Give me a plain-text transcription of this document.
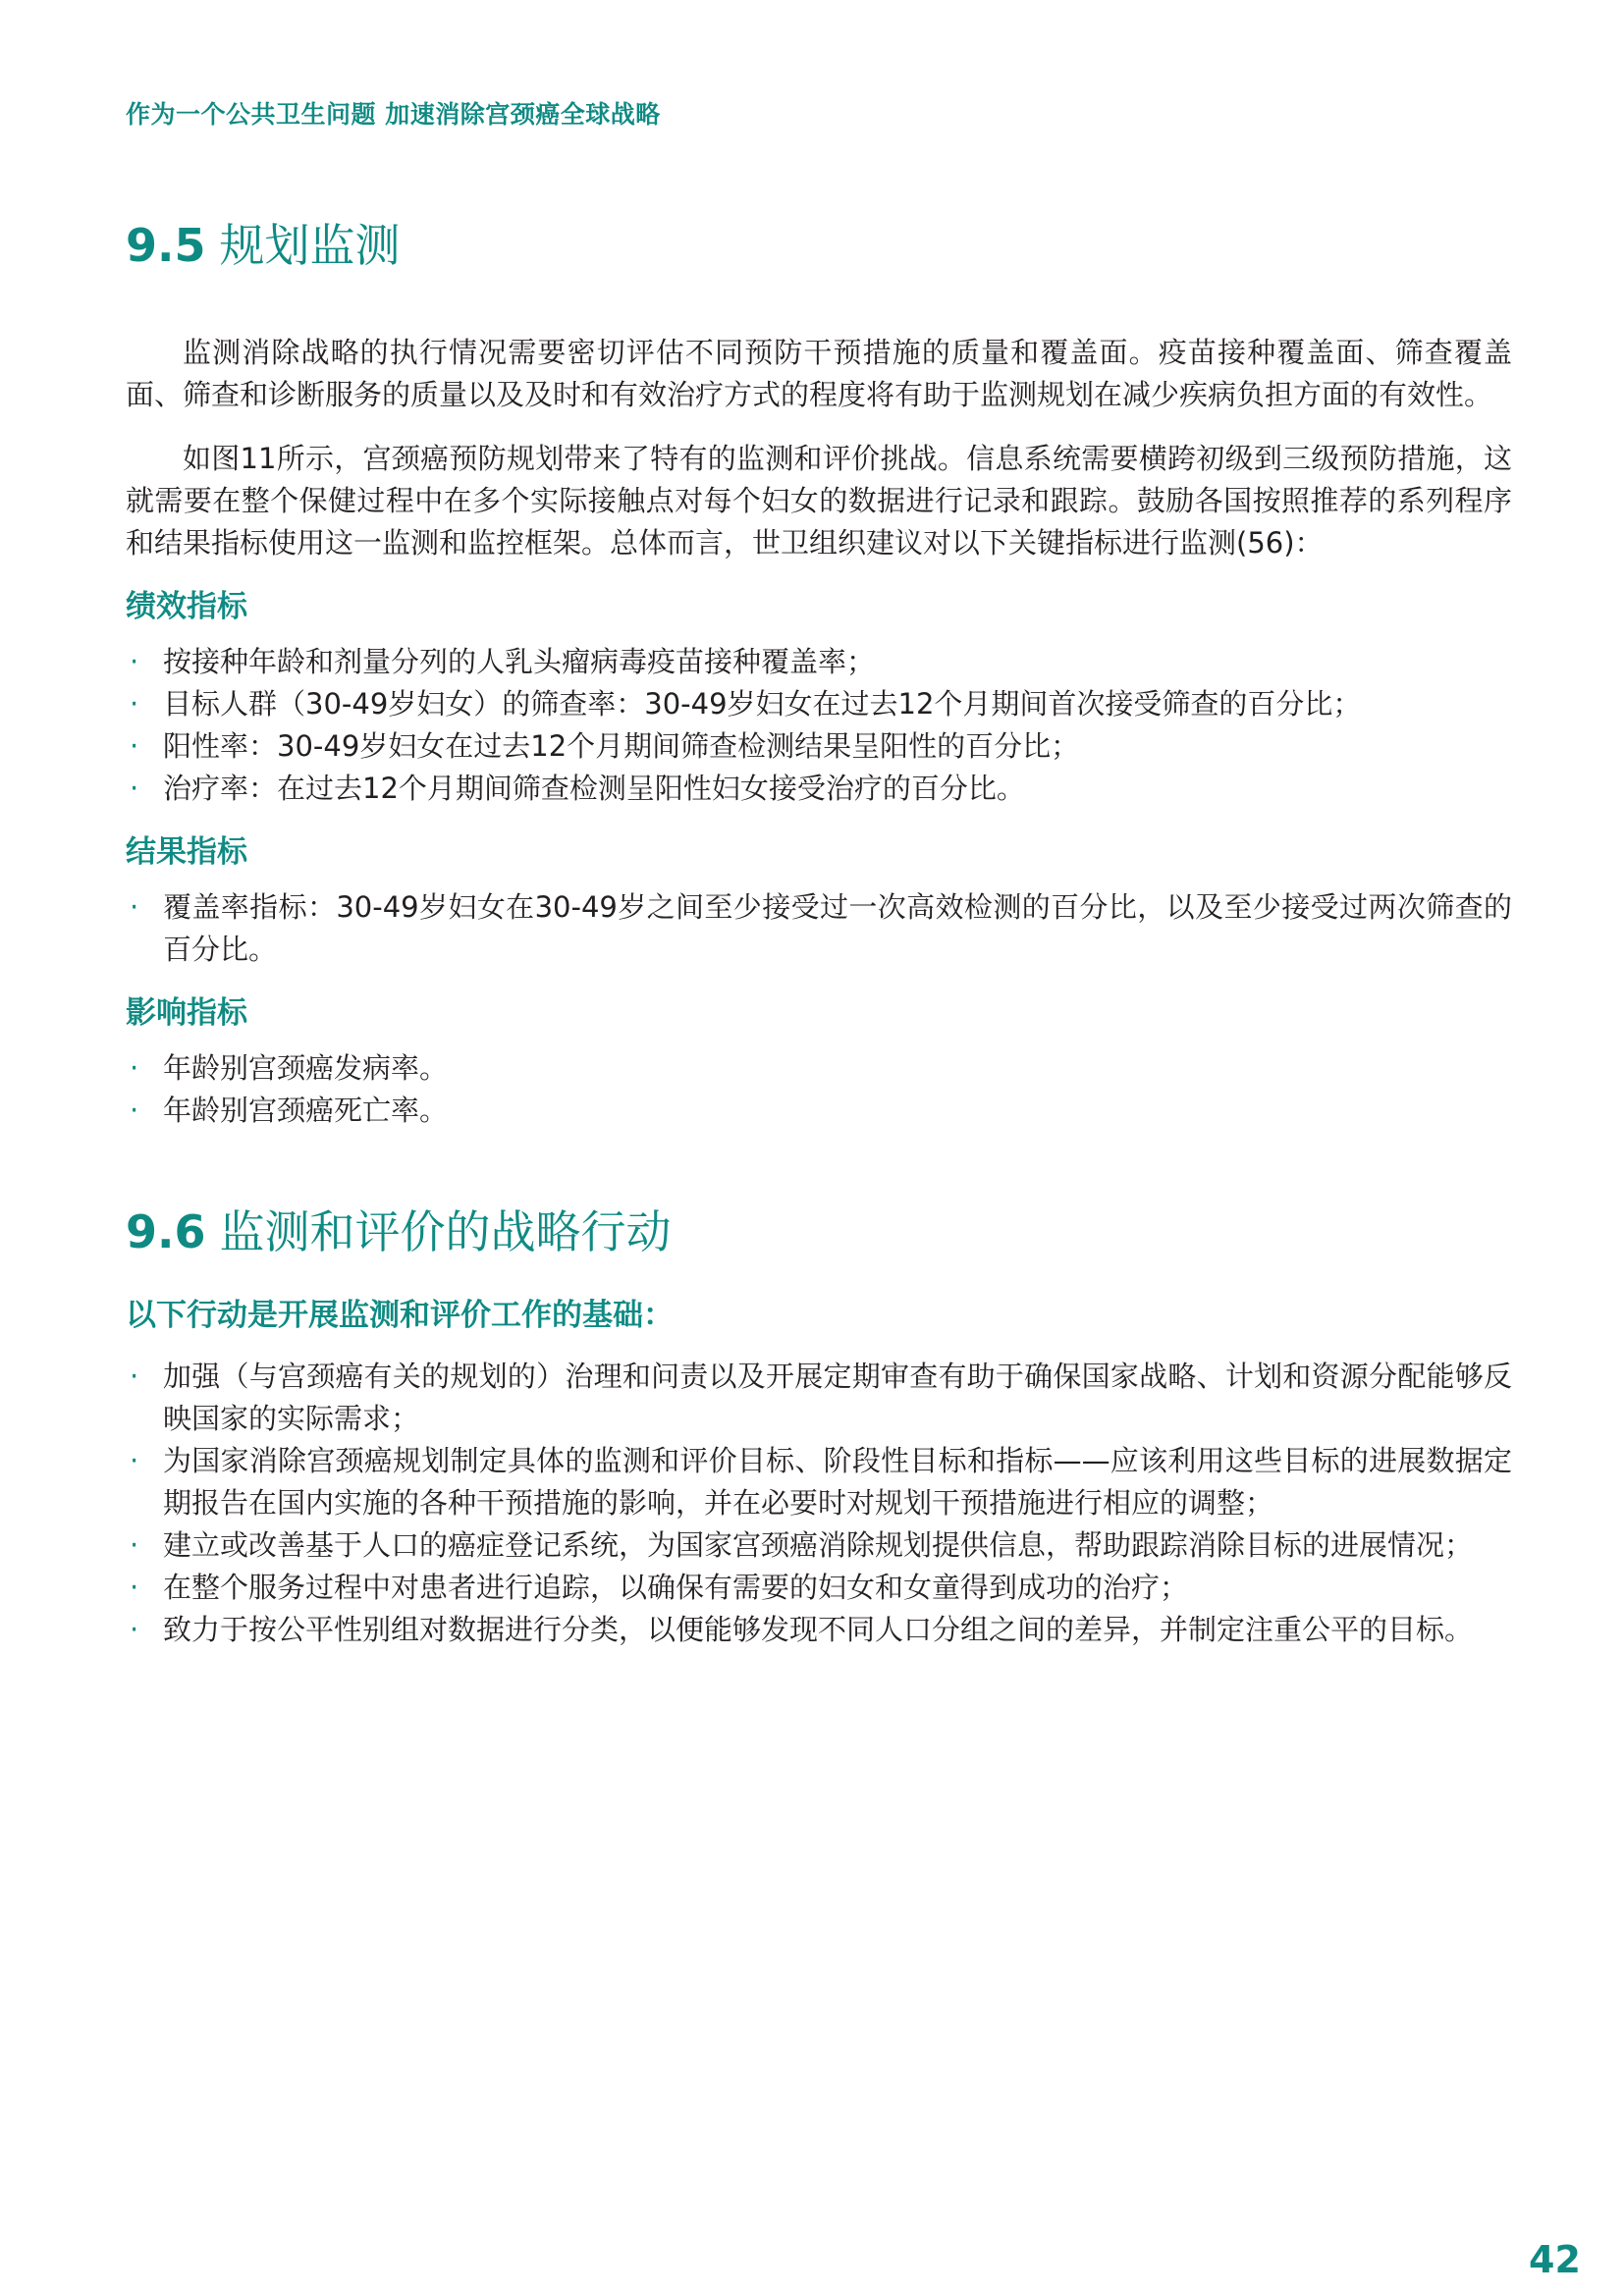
作为一个公共卫生问题 加速消除宫颈癌全球战略
9.5 规划监测

监测消除战略的执行情况需要密切评估不同预防干预措施的质量和覆盖面。疫苗接种覆盖面、筛查覆盖面、筛查和诊断服务的质量以及及时和有效治疗方式的程度将有助于监测规划在减少疾病负担方面的有效性。

如图11所示，宫颈癌预防规划带来了特有的监测和评价挑战。信息系统需要横跨初级到三级预防措施，这就需要在整个保健过程中在多个实际接触点对每个妇女的数据进行记录和跟踪。鼓励各国按照推荐的系列程序和结果指标使用这一监测和监控框架。总体而言，世卫组织建议对以下关键指标进行监测(56)：

绩效指标
· 按接种年龄和剂量分列的人乳头瘤病毒疫苗接种覆盖率；
· 目标人群（30-49岁妇女）的筛查率：30-49岁妇女在过去12个月期间首次接受筛查的百分比；
· 阳性率：30-49岁妇女在过去12个月期间筛查检测结果呈阳性的百分比；
· 治疗率：在过去12个月期间筛查检测呈阳性妇女接受治疗的百分比。
结果指标
· 覆盖率指标：30-49岁妇女在30-49岁之间至少接受过一次高效检测的百分比，以及至少接受过两次筛查的百分比。
影响指标
· 年龄别宫颈癌发病率。
· 年龄别宫颈癌死亡率。
9.6 监测和评价的战略行动
以下行动是开展监测和评价工作的基础：
· 加强（与宫颈癌有关的规划的）治理和问责以及开展定期审查有助于确保国家战略、计划和资源分配能够反映国家的实际需求；
· 为国家消除宫颈癌规划制定具体的监测和评价目标、阶段性目标和指标——应该利用这些目标的进展数据定期报告在国内实施的各种干预措施的影响，并在必要时对规划干预措施进行相应的调整；
· 建立或改善基于人口的癌症登记系统，为国家宫颈癌消除规划提供信息，帮助跟踪消除目标的进展情况；
· 在整个服务过程中对患者进行追踪，以确保有需要的妇女和女童得到成功的治疗；
· 致力于按公平性别组对数据进行分类，以便能够发现不同人口分组之间的差异，并制定注重公平的目标。
42
